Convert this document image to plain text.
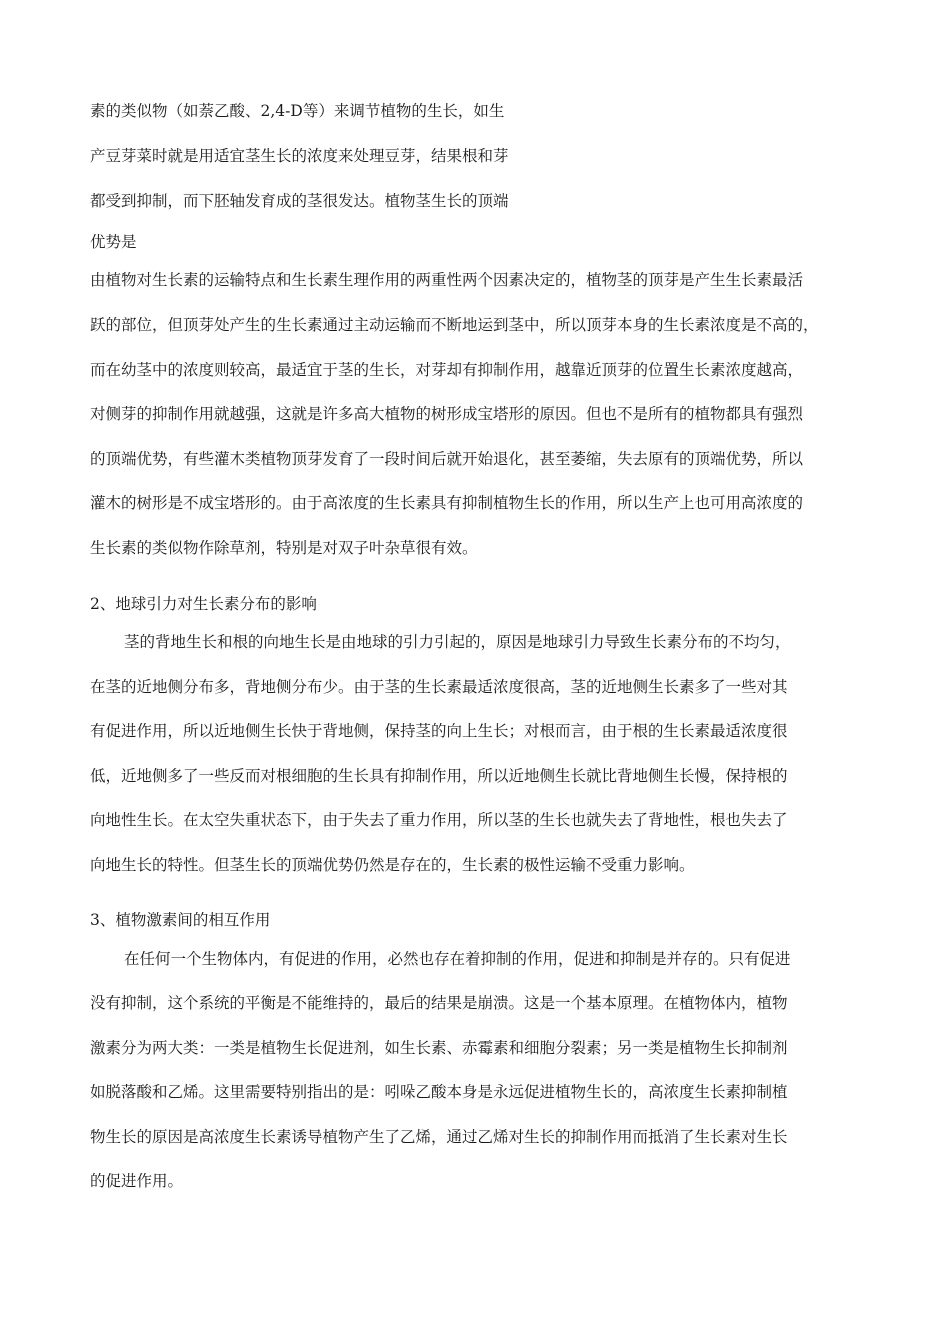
素的类似物（如萘乙酸、2,4-D等）来调节植物的生长，如生
产豆芽菜时就是用适宜茎生长的浓度来处理豆芽，结果根和芽
都受到抑制，而下胚轴发育成的茎很发达。植物茎生长的顶端
优势是
由植物对生长素的运输特点和生长素生理作用的两重性两个因素决定的，植物茎的顶芽是产生生长素最活
跃的部位，但顶芽处产生的生长素通过主动运输而不断地运到茎中，所以顶芽本身的生长素浓度是不高的，
而在幼茎中的浓度则较高，最适宜于茎的生长，对芽却有抑制作用，越靠近顶芽的位置生长素浓度越高，
对侧芽的抑制作用就越强，这就是许多高大植物的树形成宝塔形的原因。但也不是所有的植物都具有强烈
的顶端优势，有些灌木类植物顶芽发育了一段时间后就开始退化，甚至萎缩，失去原有的顶端优势，所以
灌木的树形是不成宝塔形的。由于高浓度的生长素具有抑制植物生长的作用，所以生产上也可用高浓度的
生长素的类似物作除草剂，特别是对双子叶杂草很有效。
2、地球引力对生长素分布的影响
茎的背地生长和根的向地生长是由地球的引力引起的，原因是地球引力导致生长素分布的不均匀，
在茎的近地侧分布多，背地侧分布少。由于茎的生长素最适浓度很高，茎的近地侧生长素多了一些对其
有促进作用，所以近地侧生长快于背地侧，保持茎的向上生长；对根而言，由于根的生长素最适浓度很
低，近地侧多了一些反而对根细胞的生长具有抑制作用，所以近地侧生长就比背地侧生长慢，保持根的
向地性生长。在太空失重状态下，由于失去了重力作用，所以茎的生长也就失去了背地性，根也失去了
向地生长的特性。但茎生长的顶端优势仍然是存在的，生长素的极性运输不受重力影响。
3、植物激素间的相互作用
在任何一个生物体内，有促进的作用，必然也存在着抑制的作用，促进和抑制是并存的。只有促进
没有抑制，这个系统的平衡是不能维持的，最后的结果是崩溃。这是一个基本原理。在植物体内，植物
激素分为两大类：一类是植物生长促进剂，如生长素、赤霉素和细胞分裂素；另一类是植物生长抑制剂
如脱落酸和乙烯。这里需要特别指出的是：吲哚乙酸本身是永远促进植物生长的，高浓度生长素抑制植
物生长的原因是高浓度生长素诱导植物产生了乙烯，通过乙烯对生长的抑制作用而抵消了生长素对生长
的促进作用。
